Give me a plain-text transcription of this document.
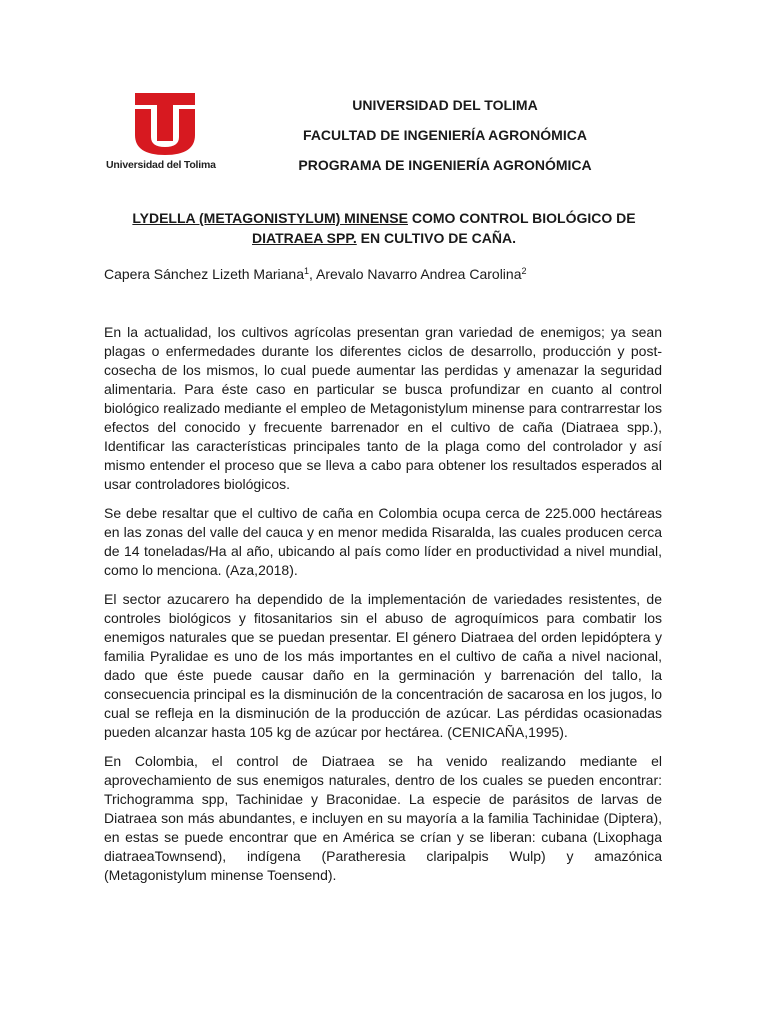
Universidad del Tolima
UNIVERSIDAD DEL TOLIMA
FACULTAD DE INGENIERÍA AGRONÓMICA
PROGRAMA DE INGENIERÍA AGRONÓMICA
LYDELLA (METAGONISTYLUM) MINENSE COMO CONTROL BIOLÓGICO DE DIATRAEA SPP. EN CULTIVO DE CAÑA.
Capera Sánchez Lizeth Mariana$^1$, Arevalo Navarro Andrea Carolina$^2$

En la actualidad, los cultivos agrícolas presentan gran variedad de enemigos; ya sean plagas o enfermedades durante los diferentes ciclos de desarrollo, producción y post-cosecha de los mismos, lo cual puede aumentar las perdidas y amenazar la seguridad alimentaria. Para éste caso en particular se busca profundizar en cuanto al control biológico realizado mediante el empleo de Metagonistylum minense para contrarrestar los efectos del conocido y frecuente barrenador en el cultivo de caña (Diatraea spp.), Identificar las características principales tanto de la plaga como del controlador y así mismo entender el proceso que se lleva a cabo para obtener los resultados esperados al usar controladores biológicos.

Se debe resaltar que el cultivo de caña en Colombia ocupa cerca de 225.000 hectáreas en las zonas del valle del cauca y en menor medida Risaralda, las cuales producen cerca de 14 toneladas/Ha al año, ubicando al país como líder en productividad a nivel mundial, como lo menciona. (Aza,2018).

El sector azucarero ha dependido de la implementación de variedades resistentes, de controles biológicos y fitosanitarios sin el abuso de agroquímicos para combatir los enemigos naturales que se puedan presentar. El género Diatraea del orden lepidóptera y familia Pyralidae es uno de los más importantes en el cultivo de caña a nivel nacional, dado que éste puede causar daño en la germinación y barrenación del tallo, la consecuencia principal es la disminución de la concentración de sacarosa en los jugos, lo cual se refleja en la disminución de la producción de azúcar. Las pérdidas ocasionadas pueden alcanzar hasta 105 kg de azúcar por hectárea. (CENICAÑA,1995).

En Colombia, el control de Diatraea se ha venido realizando mediante el aprovechamiento de sus enemigos naturales, dentro de los cuales se pueden encontrar: Trichogramma spp, Tachinidae y Braconidae. La especie de parásitos de larvas de Diatraea son más abundantes, e incluyen en su mayoría a la familia Tachinidae (Diptera), en estas se puede encontrar que en América se crían y se liberan: cubana (Lixophaga diatraeaTownsend), indígena (Paratheresia claripalpis Wulp) y amazónica (Metagonistylum minense Toensend).
